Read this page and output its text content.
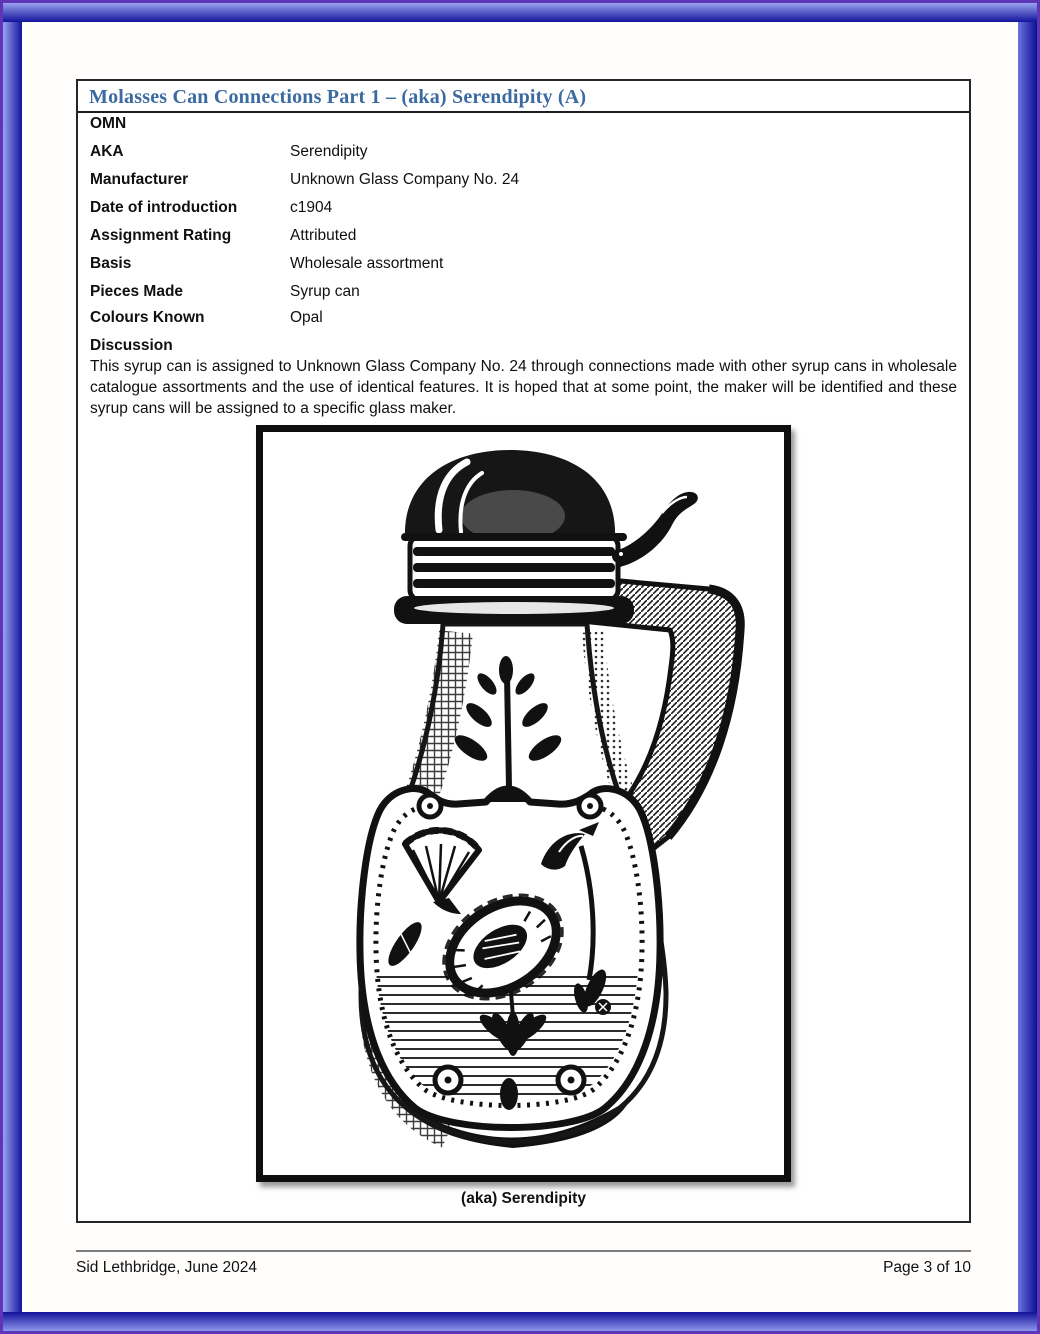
Molasses Can Connections Part 1 – (aka) Serendipity (A)
OMN
AKA	Serendipity
Manufacturer	Unknown Glass Company No. 24
Date of introduction	c1904
Assignment Rating	Attributed
Basis	Wholesale assortment
Pieces Made	Syrup can
Colours Known	Opal
Discussion
This syrup can is assigned to Unknown Glass Company No. 24 through connections made with other syrup cans in wholesale catalogue assortments and the use of identical features. It is hoped that at some point, the maker will be identified and these syrup cans will be assigned to a specific glass maker.
(aka) Serendipity
Sid Lethbridge, June 2024	Page 3 of 10
